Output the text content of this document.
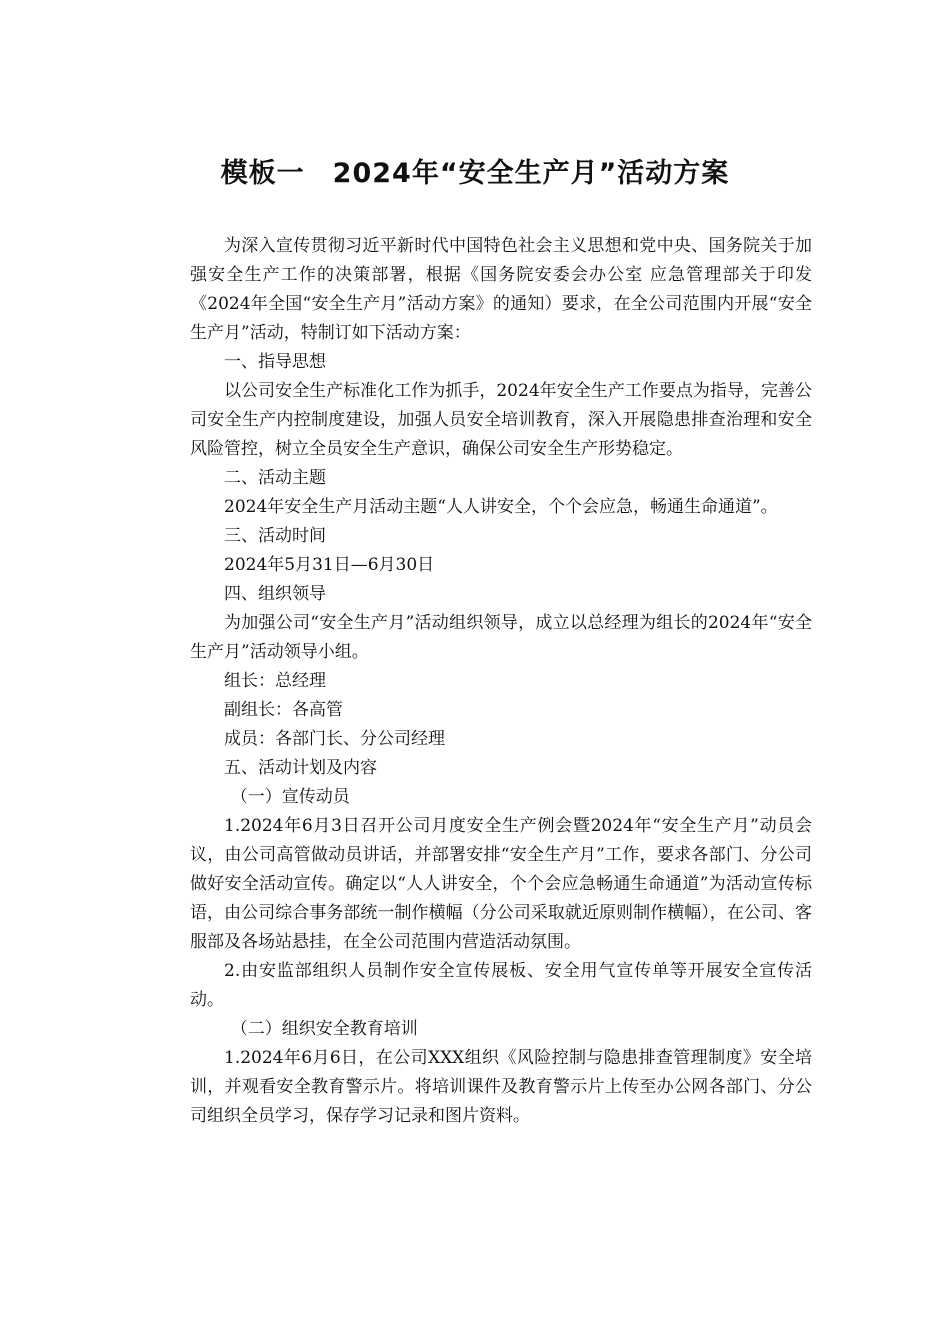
模板一　2024年“安全生产月”活动方案

为深入宣传贯彻习近平新时代中国特色社会主义思想和党中央、国务院关于加强安全生产工作的决策部署，根据《国务院安委会办公室 应急管理部关于印发《2024年全国“安全生产月”活动方案》的通知）要求，在全公司范围内开展“安全生产月”活动，特制订如下活动方案：

一、指导思想

以公司安全生产标准化工作为抓手，2024年安全生产工作要点为指导，完善公司安全生产内控制度建设，加强人员安全培训教育，深入开展隐患排查治理和安全风险管控，树立全员安全生产意识，确保公司安全生产形势稳定。

二、活动主题

2024年安全生产月活动主题“人人讲安全，个个会应急，畅通生命通道”。

三、活动时间

2024年5月31日—6月30日

四、组织领导

为加强公司“安全生产月”活动组织领导，成立以总经理为组长的2024年“安全生产月”活动领导小组。

组长：总经理

副组长：各高管

成员：各部门长、分公司经理

五、活动计划及内容

（一）宣传动员

1.2024年6月3日召开公司月度安全生产例会暨2024年“安全生产月”动员会议，由公司高管做动员讲话，并部署安排“安全生产月”工作，要求各部门、分公司做好安全活动宣传。确定以“人人讲安全，个个会应急畅通生命通道”为活动宣传标语，由公司综合事务部统一制作横幅（分公司采取就近原则制作横幅），在公司、客服部及各场站悬挂，在全公司范围内营造活动氛围。

2.由安监部组织人员制作安全宣传展板、安全用气宣传单等开展安全宣传活动。

（二）组织安全教育培训

1.2024年6月6日，在公司XXX组织《风险控制与隐患排查管理制度》安全培训，并观看安全教育警示片。将培训课件及教育警示片上传至办公网各部门、分公司组织全员学习，保存学习记录和图片资料。
